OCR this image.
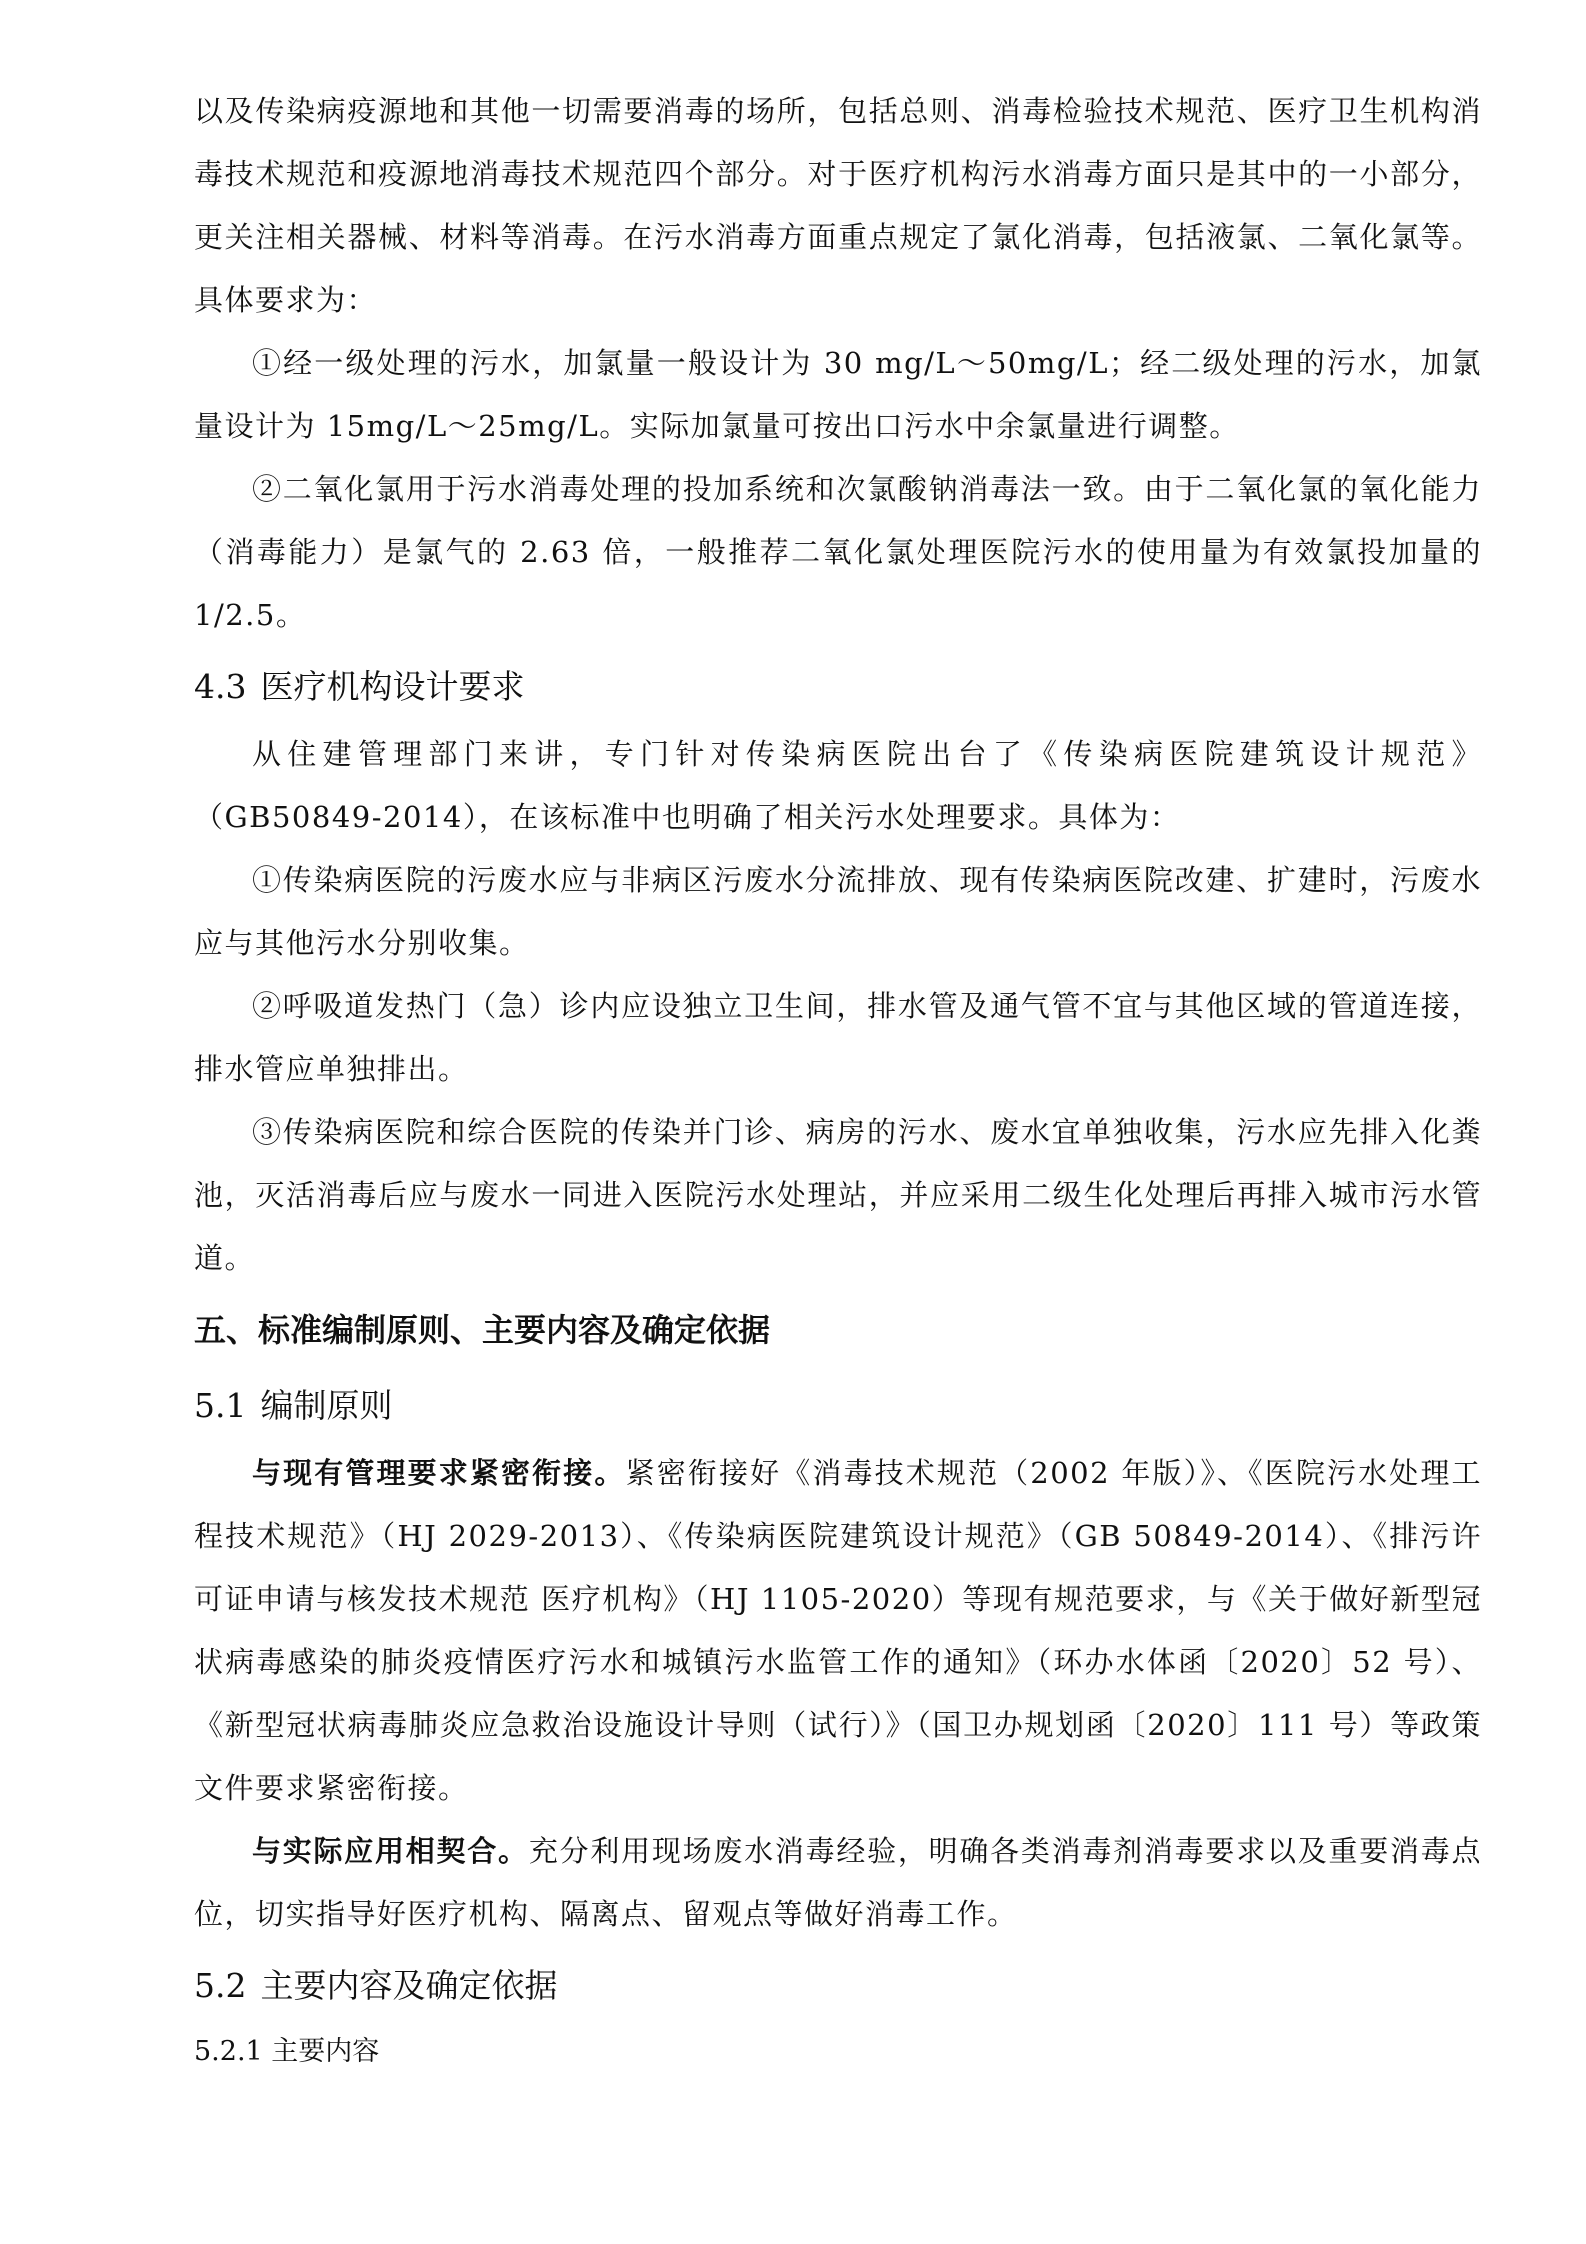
以及传染病疫源地和其他一切需要消毒的场所，包括总则、消毒检验技术规范、医疗卫生机构消毒技术规范和疫源地消毒技术规范四个部分。对于医疗机构污水消毒方面只是其中的一小部分，更关注相关器械、材料等消毒。在污水消毒方面重点规定了氯化消毒，包括液氯、二氧化氯等。具体要求为：

①经一级处理的污水，加氯量一般设计为 30 mg/L～50mg/L；经二级处理的污水，加氯量设计为 15mg/L～25mg/L。实际加氯量可按出口污水中余氯量进行调整。

②二氧化氯用于污水消毒处理的投加系统和次氯酸钠消毒法一致。由于二氧化氯的氧化能力（消毒能力）是氯气的 2.63 倍，一般推荐二氧化氯处理医院污水的使用量为有效氯投加量的 1/2.5。

4.3 医疗机构设计要求

从住建管理部门来讲，专门针对传染病医院出台了《传染病医院建筑设计规范》（GB50849-2014），在该标准中也明确了相关污水处理要求。具体为：

①传染病医院的污废水应与非病区污废水分流排放、现有传染病医院改建、扩建时，污废水应与其他污水分别收集。

②呼吸道发热门（急）诊内应设独立卫生间，排水管及通气管不宜与其他区域的管道连接，排水管应单独排出。

③传染病医院和综合医院的传染并门诊、病房的污水、废水宜单独收集，污水应先排入化粪池，灭活消毒后应与废水一同进入医院污水处理站，并应采用二级生化处理后再排入城市污水管道。

五、标准编制原则、主要内容及确定依据
5.1 编制原则

与现有管理要求紧密衔接。紧密衔接好《消毒技术规范（2002 年版）》、《医院污水处理工程技术规范》（HJ 2029-2013）、《传染病医院建筑设计规范》（GB 50849-2014）、《排污许可证申请与核发技术规范 医疗机构》（HJ 1105-2020）等现有规范要求，与《关于做好新型冠状病毒感染的肺炎疫情医疗污水和城镇污水监管工作的通知》（环办水体函〔2020〕52 号）、《新型冠状病毒肺炎应急救治设施设计导则（试行）》（国卫办规划函〔2020〕111 号）等政策文件要求紧密衔接。

与实际应用相契合。充分利用现场废水消毒经验，明确各类消毒剂消毒要求以及重要消毒点位，切实指导好医疗机构、隔离点、留观点等做好消毒工作。

5.2 主要内容及确定依据
5.2.1 主要内容
